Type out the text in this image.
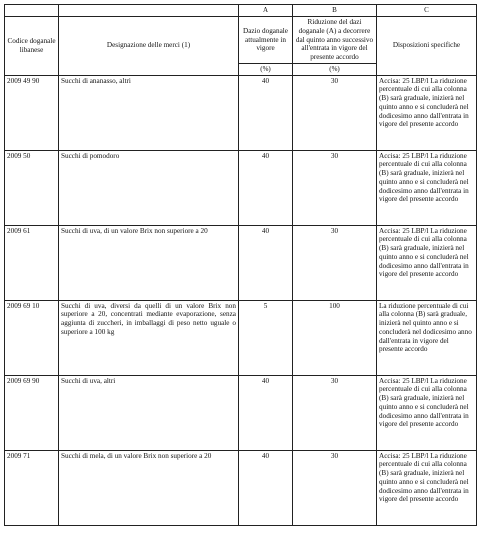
		A	B	C
Codice doganale libanese	Designazione delle merci (1)	Dazio doganale attualmente in vigore	Riduzione del dazi doganale (A) a decorrere dal quinto anno successivo all'entrata in vigore del presente accordo	Disposizioni specifiche
		(%)	(%)	
2009 49 90	Succhi di ananasso, altri	40	30	Accisa: 25 LBP/l La riduzione percentuale di cui alla colonna (B) sarà graduale, inizierà nel quinto anno e si concluderà nel dodicesimo anno dall'entrata in vigore del presente accordo
2009 50	Succhi di pomodoro	40	30	Accisa: 25 LBP/l La riduzione percentuale di cui alla colonna (B) sarà graduale, inizierà nel quinto anno e si concluderà nel dodicesimo anno dall'entrata in vigore del presente accordo
2009 61	Succhi di uva, di un valore Brix non superiore a 20	40	30	Accisa: 25 LBP/l La riduzione percentuale di cui alla colonna (B) sarà graduale, inizierà nel quinto anno e si concluderà nel dodicesimo anno dall'entrata in vigore del presente accordo
2009 69 10	Succhi di uva, diversi da quelli di un valore Brix non superiore a 20, concentrati mediante evaporazione, senza aggiunta di zuccheri, in imballaggi di peso netto uguale o superiore a 100 kg	5	100	La riduzione percentuale di cui alla colonna (B) sarà graduale, inizierà nel quinto anno e si concluderà nel dodicesimo anno dall'entrata in vigore del presente accordo
2009 69 90	Succhi di uva, altri	40	30	Accisa: 25 LBP/l La riduzione percentuale di cui alla colonna (B) sarà graduale, inizierà nel quinto anno e si concluderà nel dodicesimo anno dall'entrata in vigore del presente accordo
2009 71	Succhi di mela, di un valore Brix non superiore a 20	40	30	Accisa: 25 LBP/l La riduzione percentuale di cui alla colonna (B) sarà graduale, inizierà nel quinto anno e si concluderà nel dodicesimo anno dall'entrata in vigore del presente accordo
